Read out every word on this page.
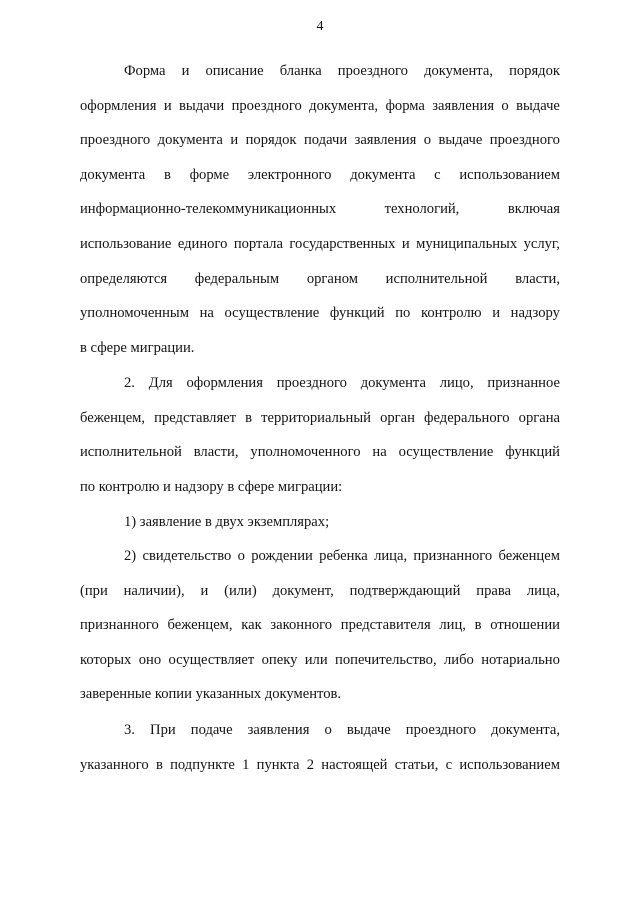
4
Форма и описание бланка проездного документа, порядок
оформления и выдачи проездного документа, форма заявления о выдаче
проездного документа и порядок подачи заявления о выдаче проездного
документа в форме электронного документа с использованием
информационно-телекоммуникационных	технологий,	включая
использование единого портала государственных и муниципальных услуг,
определяются федеральным органом исполнительной власти,
уполномоченным на осуществление функций по контролю и надзору
в сфере миграции.
2. Для оформления проездного документа лицо, признанное
беженцем, представляет в территориальный орган федерального органа
исполнительной власти, уполномоченного на осуществление функций
по контролю и надзору в сфере миграции:
1) заявление в двух экземплярах;
2) свидетельство о рождении ребенка лица, признанного беженцем
(при наличии), и (или) документ, подтверждающий права лица,
признанного беженцем, как законного представителя лиц, в отношении
которых оно осуществляет опеку или попечительство, либо нотариально
заверенные копии указанных документов.
3. При подаче заявления о выдаче проездного документа,
указанного в подпункте 1 пункта 2 настоящей статьи, с использованием
